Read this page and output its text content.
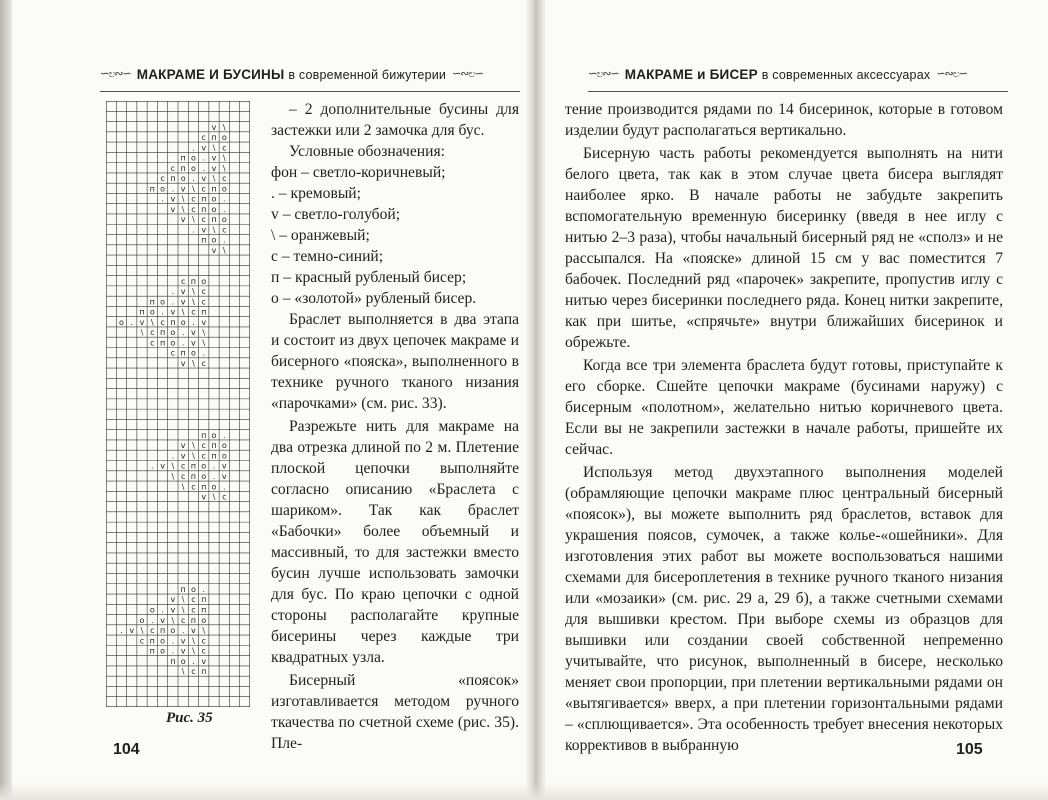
∽ಲ∾∽ МАКРАМЕ И БУСИНЫ в современной бижутерии ∽∾ಲ∽
v \
с п о
. v \ с
п о . v \
с п о . v \
с п о . v \ с
п о . v \ с п о
. v \ с п о .
v \ с п о .
v \ с п о
. v \ с
п о .
v \
с п о
. v \ с
п о . v \ с
п о . v \ с п
о . v \ с п о . v
\ с п о . v \
с п о . v \
с п о .
v \ с
п о .
v \ с п о
. v \ с п о
. v \ с п о . v
\ с п о . v
\ с п о .
v \ с
п о .
v \ с п
о . v \ с п
о . v \ с п о
. v \ с п о . v \
с п о . v \ с
п о . v \ с
п о . v
\ с п
Рис. 35

– 2 дополнительные бусины для застежки или 2 замочка для бус.

Условные обозначения:

фон – светло-коричневый;

. – кремовый;

v – светло-голубой;

\ – оранжевый;

с – темно-синий;

п – красный рубленый бисер;

о – «золотой» рубленый бисер.

Браслет выполняется в два этапа и состоит из двух цепочек макраме и бисерного «пояска», выполненного в технике ручного тканого низания «парочками» (см. рис. 33).

Разрежьте нить для макраме на два отрезка длиной по 2 м. Плетение плоской цепочки выполняйте согласно описанию «Браслета с шариком». Так как браслет «Бабочки» более объемный и массивный, то для застежки вместо бусин лучше использовать замочки для бус. По краю цепочки с одной стороны располагайте крупные бисерины через каждые три квадратных узла.

Бисерный «поясок» изготавливается методом ручного ткачества по счетной схеме (рис. 35). Пле-

104
∽ಲ∾∽ МАКРАМЕ и БИСЕР в современных аксессуарах ∽∾ಲ∽

тение производится рядами по 14 бисеринок, которые в готовом изделии будут располагаться вертикально.

Бисерную часть работы рекомендуется выполнять на нити белого цвета, так как в этом случае цвета бисера выглядят наиболее ярко. В начале работы не забудьте закрепить вспомогательную временную бисеринку (введя в нее иглу с нитью 2–3 раза), чтобы начальный бисерный ряд не «сполз» и не рассыпался. На «пояске» длиной 15 см у вас поместится 7 бабочек. Последний ряд «парочек» закрепите, пропустив иглу с нитью через бисеринки последнего ряда. Конец нитки закрепите, как при шитье, «спрячьте» внутри ближайших бисеринок и обрежьте.

Когда все три элемента браслета будут готовы, приступайте к его сборке. Сшейте цепочки макраме (бусинами наружу) с бисерным «полотном», желательно нитью коричневого цвета. Если вы не закрепили застежки в начале работы, пришейте их сейчас.

Используя метод двухэтапного выполнения моделей (обрамляющие цепочки макраме плюс центральный бисерный «поясок»), вы можете выполнить ряд браслетов, вставок для украшения поясов, сумочек, а также колье-«ошейники». Для изготовления этих работ вы можете воспользоваться нашими схемами для бисероплетения в технике ручного тканого низания или «мозаики» (см. рис. 29 а, 29 б), а также счетными схемами для вышивки крестом. При выборе схемы из образцов для вышивки или создании своей собственной непременно учитывайте, что рисунок, выполненный в бисере, несколько меняет свои пропорции, при плетении вертикальными рядами он «вытягивается» вверх, а при плетении горизонтальными рядами – «сплющивается». Эта особенность требует внесения некоторых коррективов в выбранную	105
